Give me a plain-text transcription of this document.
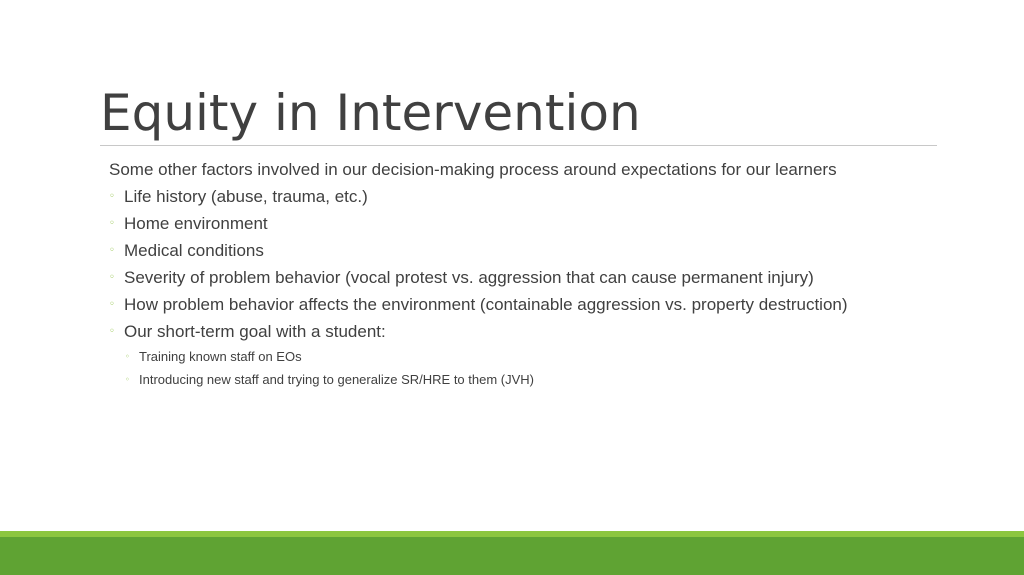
Equity in Intervention
Some other factors involved in our decision-making process around expectations for our learners
◦ Life history (abuse, trauma, etc.)
◦ Home environment
◦ Medical conditions
◦ Severity of problem behavior (vocal protest vs. aggression that can cause permanent injury)
◦ How problem behavior affects the environment (containable aggression vs. property destruction)
◦ Our short-term goal with a student:
◦ Training known staff on EOs
◦ Introducing new staff and trying to generalize SR/HRE to them (JVH)
